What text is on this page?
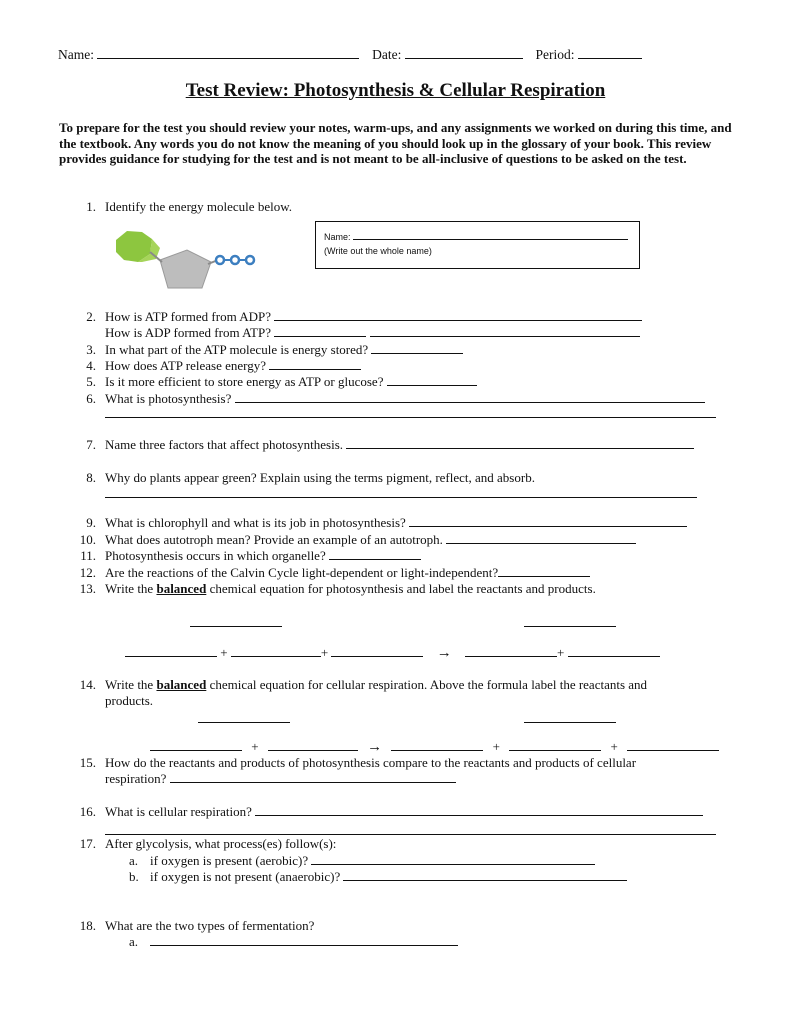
Name:	Date:	Period:
Test Review: Photosynthesis & Cellular Respiration
To prepare for the test you should review your notes, warm-ups, and any assignments we worked on during this time, and the textbook. Any words you do not know the meaning of you should look up in the glossary of your book. This review provides guidance for studying for the test and is not meant to be all-inclusive of questions to be asked on the test.
1. Identify the energy molecule below.
Name:
(Write out the whole name)
2. How is ATP formed from ADP?
How is ADP formed from ATP?
3. In what part of the ATP molecule is energy stored?
4. How does ATP release energy?
5. Is it more efficient to store energy as ATP or glucose?
6. What is photosynthesis?
7. Name three factors that affect photosynthesis.
8. Why do plants appear green? Explain using the terms pigment, reflect, and absorb.
9. What is chlorophyll and what is its job in photosynthesis?
10. What does autotroph mean? Provide an example of an autotroph.
11. Photosynthesis occurs in which organelle?
12. Are the reactions of the Calvin Cycle light-dependent or light-independent?
13. Write the balanced chemical equation for photosynthesis and label the reactants and products.
+	+	→	+
14. Write the balanced chemical equation for cellular respiration. Above the formula label the reactants and
products.
+	→	+	+
15. How do the reactants and products of photosynthesis compare to the reactants and products of cellular
respiration?
16. What is cellular respiration?
17. After glycolysis, what process(es) follow(s):
a. if oxygen is present (aerobic)?
b. if oxygen is not present (anaerobic)?
18. What are the two types of fermentation?
a.
